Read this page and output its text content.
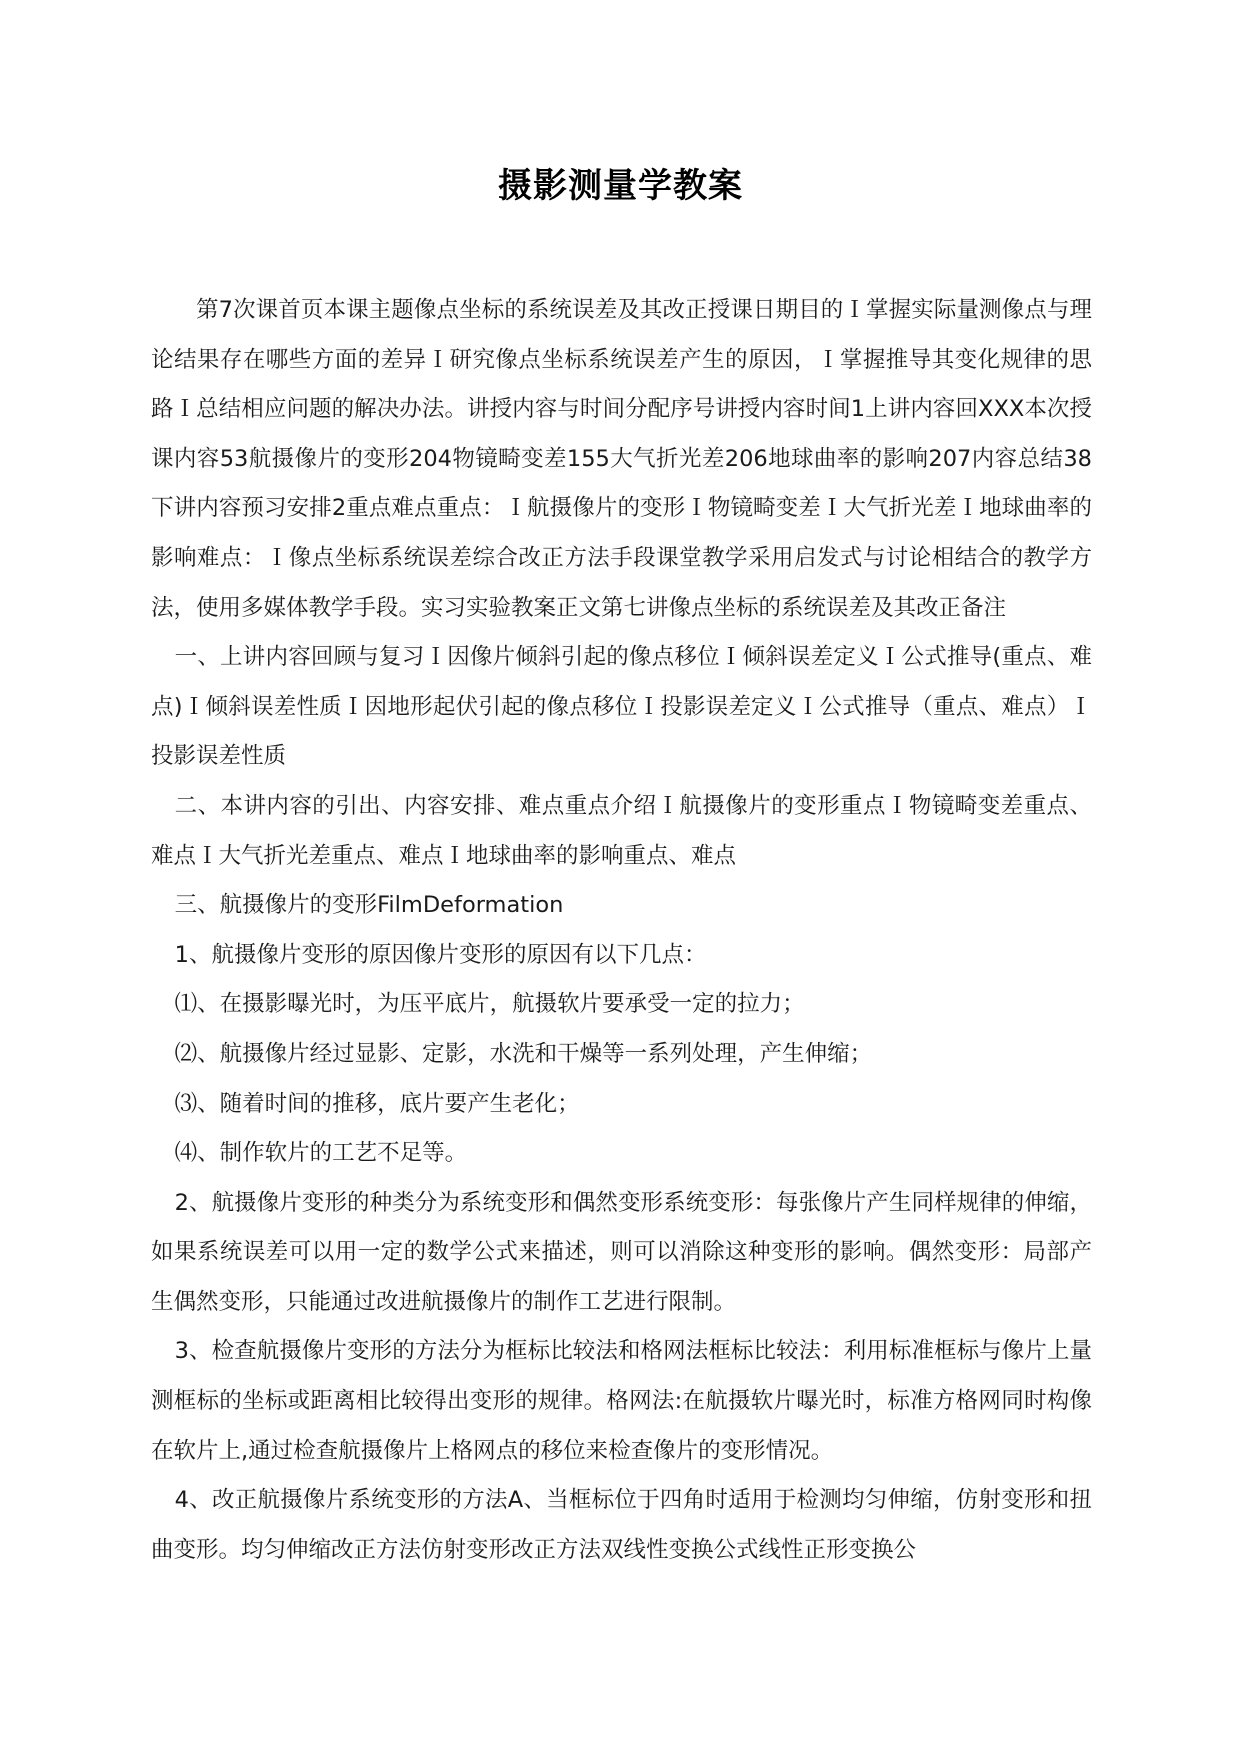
摄影测量学教案

第7次课首页本课主题像点坐标的系统误差及其改正授课日期目的Ｉ掌握实际量测像点与理论结果存在哪些方面的差异Ｉ研究像点坐标系统误差产生的原因，Ｉ掌握推导其变化规律的思路Ｉ总结相应问题的解决办法。讲授内容与时间分配序号讲授内容时间1上讲内容回XXX本次授课内容53航摄像片的变形204物镜畸变差155大气折光差206地球曲率的影响207内容总结38下讲内容预习安排2重点难点重点：Ｉ航摄像片的变形Ｉ物镜畸变差Ｉ大气折光差Ｉ地球曲率的影响难点：Ｉ像点坐标系统误差综合改正方法手段课堂教学采用启发式与讨论相结合的教学方法，使用多媒体教学手段。实习实验教案正文第七讲像点坐标的系统误差及其改正备注

一、上讲内容回顾与复习Ｉ因像片倾斜引起的像点移位Ｉ倾斜误差定义Ｉ公式推导(重点、难点)Ｉ倾斜误差性质Ｉ因地形起伏引起的像点移位Ｉ投影误差定义Ｉ公式推导（重点、难点）Ｉ投影误差性质

二、本讲内容的引出、内容安排、难点重点介绍Ｉ航摄像片的变形重点Ｉ物镜畸变差重点、难点Ｉ大气折光差重点、难点Ｉ地球曲率的影响重点、难点

三、航摄像片的变形FilmDeformation

1、航摄像片变形的原因像片变形的原因有以下几点：

⑴、在摄影曝光时，为压平底片，航摄软片要承受一定的拉力；

⑵、航摄像片经过显影、定影，水洗和干燥等一系列处理，产生伸缩；

⑶、随着时间的推移，底片要产生老化；

⑷、制作软片的工艺不足等。

2、航摄像片变形的种类分为系统变形和偶然变形系统变形：每张像片产生同样规律的伸缩，如果系统误差可以用一定的数学公式来描述，则可以消除这种变形的影响。偶然变形：局部产生偶然变形，只能通过改进航摄像片的制作工艺进行限制。

3、检查航摄像片变形的方法分为框标比较法和格网法框标比较法：利用标准框标与像片上量测框标的坐标或距离相比较得出变形的规律。格网法:在航摄软片曝光时，标准方格网同时构像在软片上,通过检查航摄像片上格网点的移位来检查像片的变形情况。

4、改正航摄像片系统变形的方法A、当框标位于四角时适用于检测均匀伸缩，仿射变形和扭曲变形。均匀伸缩改正方法仿射变形改正方法双线性变换公式线性正形变换公
